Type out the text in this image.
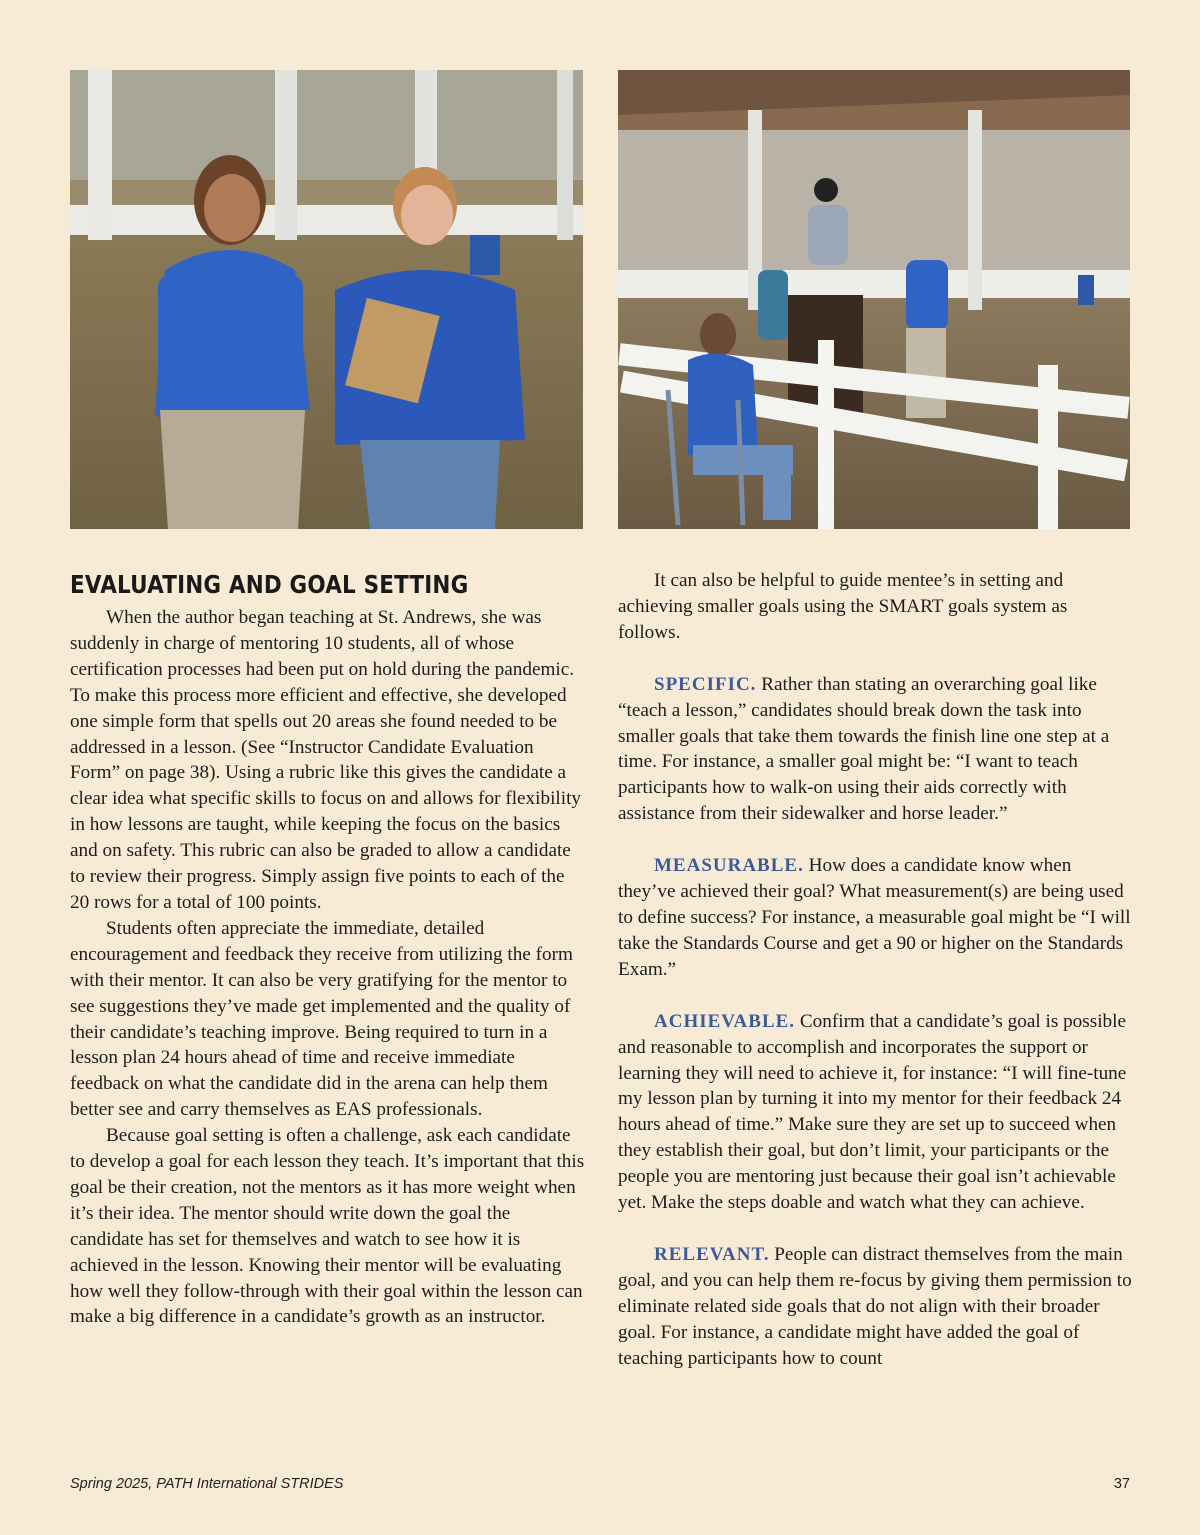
EVALUATING AND GOAL SETTING

When the author began teaching at St. Andrews, she was suddenly in charge of mentoring 10 students, all of whose certification processes had been put on hold during the pandemic. To make this process more efficient and effective, she developed one simple form that spells out 20 areas she found needed to be addressed in a lesson. (See “Instructor Candidate Evaluation Form” on page 38). Using a rubric like this gives the candidate a clear idea what specific skills to focus on and allows for flexibility in how lessons are taught, while keeping the focus on the basics and on safety. This rubric can also be graded to allow a candidate to review their progress. Simply assign five points to each of the 20 rows for a total of 100 points.

Students often appreciate the immediate, detailed encouragement and feedback they receive from utilizing the form with their mentor. It can also be very gratifying for the mentor to see suggestions they’ve made get implemented and the quality of their candidate’s teaching improve. Being required to turn in a lesson plan 24 hours ahead of time and receive immediate feedback on what the candidate did in the arena can help them better see and carry themselves as EAS professionals.

Because goal setting is often a challenge, ask each candidate to develop a goal for each lesson they teach. It’s important that this goal be their creation, not the mentors as it has more weight when it’s their idea. The mentor should write down the goal the candidate has set for themselves and watch to see how it is achieved in the lesson. Knowing their mentor will be evaluating how well they follow-through with their goal within the lesson can make a big difference in a candidate’s growth as an instructor.

It can also be helpful to guide mentee’s in setting and achieving smaller goals using the SMART goals system as follows.

SPECIFIC. Rather than stating an overarching goal like “teach a lesson,” candidates should break down the task into smaller goals that take them towards the finish line one step at a time. For instance, a smaller goal might be: “I want to teach participants how to walk-on using their aids correctly with assistance from their sidewalker and horse leader.”

MEASURABLE. How does a candidate know when they’ve achieved their goal? What measurement(s) are being used to define success? For instance, a measurable goal might be “I will take the Standards Course and get a 90 or higher on the Standards Exam.”

ACHIEVABLE. Confirm that a candidate’s goal is possible and reasonable to accomplish and incorporates the support or learning they will need to achieve it, for instance: “I will fine-tune my lesson plan by turning it into my mentor for their feedback 24 hours ahead of time.” Make sure they are set up to succeed when they establish their goal, but don’t limit, your participants or the people you are mentoring just because their goal isn’t achievable yet. Make the steps doable and watch what they can achieve.

RELEVANT. People can distract themselves from the main goal, and you can help them re-focus by giving them permission to eliminate related side goals that do not align with their broader goal. For instance, a candidate might have added the goal of teaching participants how to count

Spring 2025, PATH International STRIDES	37
